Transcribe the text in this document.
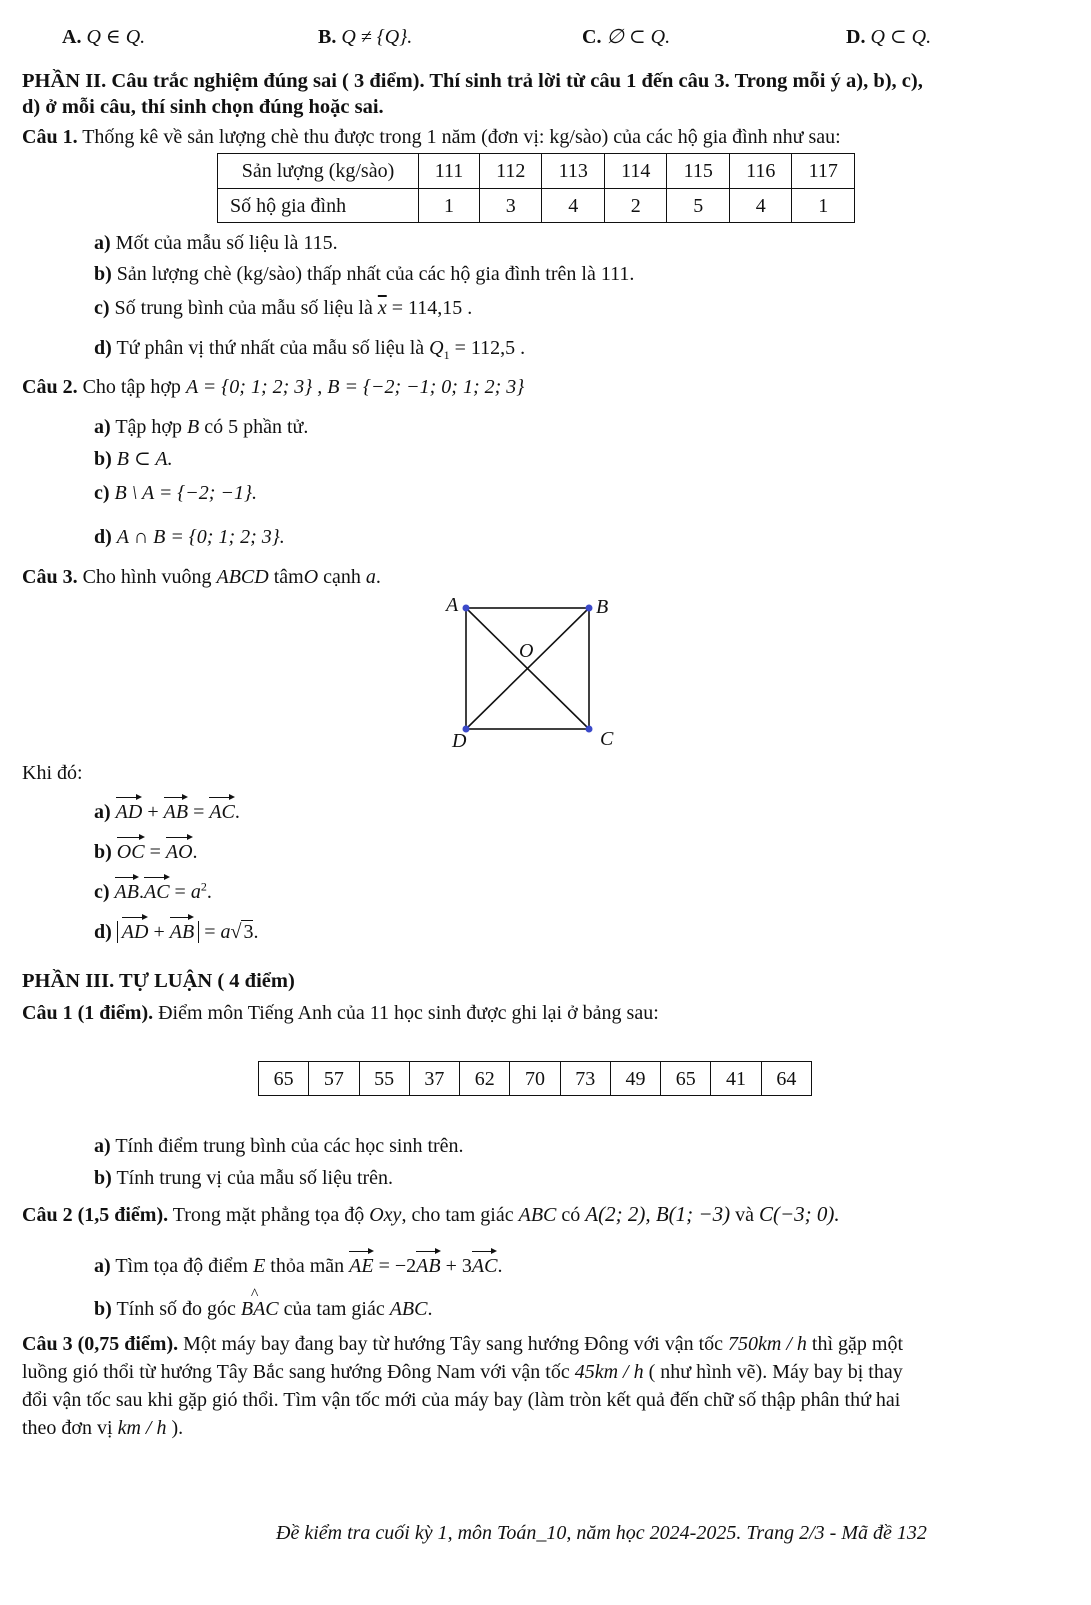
A. Q ∈ Q.	B. Q ≠ {Q}.	C. ∅ ⊂ Q.	D. Q ⊂ Q.
PHẦN II. Câu trắc nghiệm đúng sai ( 3 điểm). Thí sinh trả lời từ câu 1 đến câu 3. Trong mỗi ý a), b), c),
d) ở mỗi câu, thí sinh chọn đúng hoặc sai.
Câu 1. Thống kê về sản lượng chè thu được trong 1 năm (đơn vị: kg/sào) của các hộ gia đình như sau:
Sản lượng (kg/sào)	111	112	113	114	115	116	117
Số hộ gia đình	1	3	4	2	5	4	1
a) Mốt của mẫu số liệu là 115.
b) Sản lượng chè (kg/sào) thấp nhất của các hộ gia đình trên là 111.
c) Số trung bình của mẫu số liệu là $\overline{x} = 114,15$ .
d) Tứ phân vị thứ nhất của mẫu số liệu là $Q_1 = 112,5$ .
Câu 2. Cho tập hợp A = {0; 1; 2; 3} , B = {−2; −1; 0; 1; 2; 3}
a) Tập hợp B có 5 phần tử.
b) B ⊂ A.
c) B \ A = {−2; −1}.
d) A ∩ B = {0; 1; 2; 3}.
Câu 3. Cho hình vuông ABCD tâmO cạnh a.
A	B
C
D
O
Khi đó:
a) AD + AB = AC.
b) OC = AO.
c) $AB.AC = a^2$.
d) AD + AB = a√ 3.
PHẦN III. TỰ LUẬN ( 4 điểm)
Câu 1 (1 điểm). Điểm môn Tiếng Anh của 11 học sinh được ghi lại ở bảng sau:
65	57	55	37	62	70	73	49	65	41	64
a) Tính điểm trung bình của các học sinh trên.
b) Tính trung vị của mẫu số liệu trên.
Câu 2 (1,5 điểm). Trong mặt phẳng tọa độ Oxy, cho tam giác ABC có A(2; 2), B(1; −3) và C(−3; 0).
a) Tìm tọa độ điểm E thỏa mãn AE = −2AB + 3AC.
b) Tính số đo góc ^ BAC của tam giác ABC.
Câu 3 (0,75 điểm). Một máy bay đang bay từ hướng Tây sang hướng Đông với vận tốc 750km / h thì gặp một
luồng gió thổi từ hướng Tây Bắc sang hướng Đông Nam với vận tốc 45km / h ( như hình vẽ). Máy bay bị thay
đổi vận tốc sau khi gặp gió thổi. Tìm vận tốc mới của máy bay (làm tròn kết quả đến chữ số thập phân thứ hai
theo đơn vị km / h ).
Đề kiểm tra cuối kỳ 1, môn Toán_10, năm học 2024-2025. Trang 2/3 - Mã đề 132
